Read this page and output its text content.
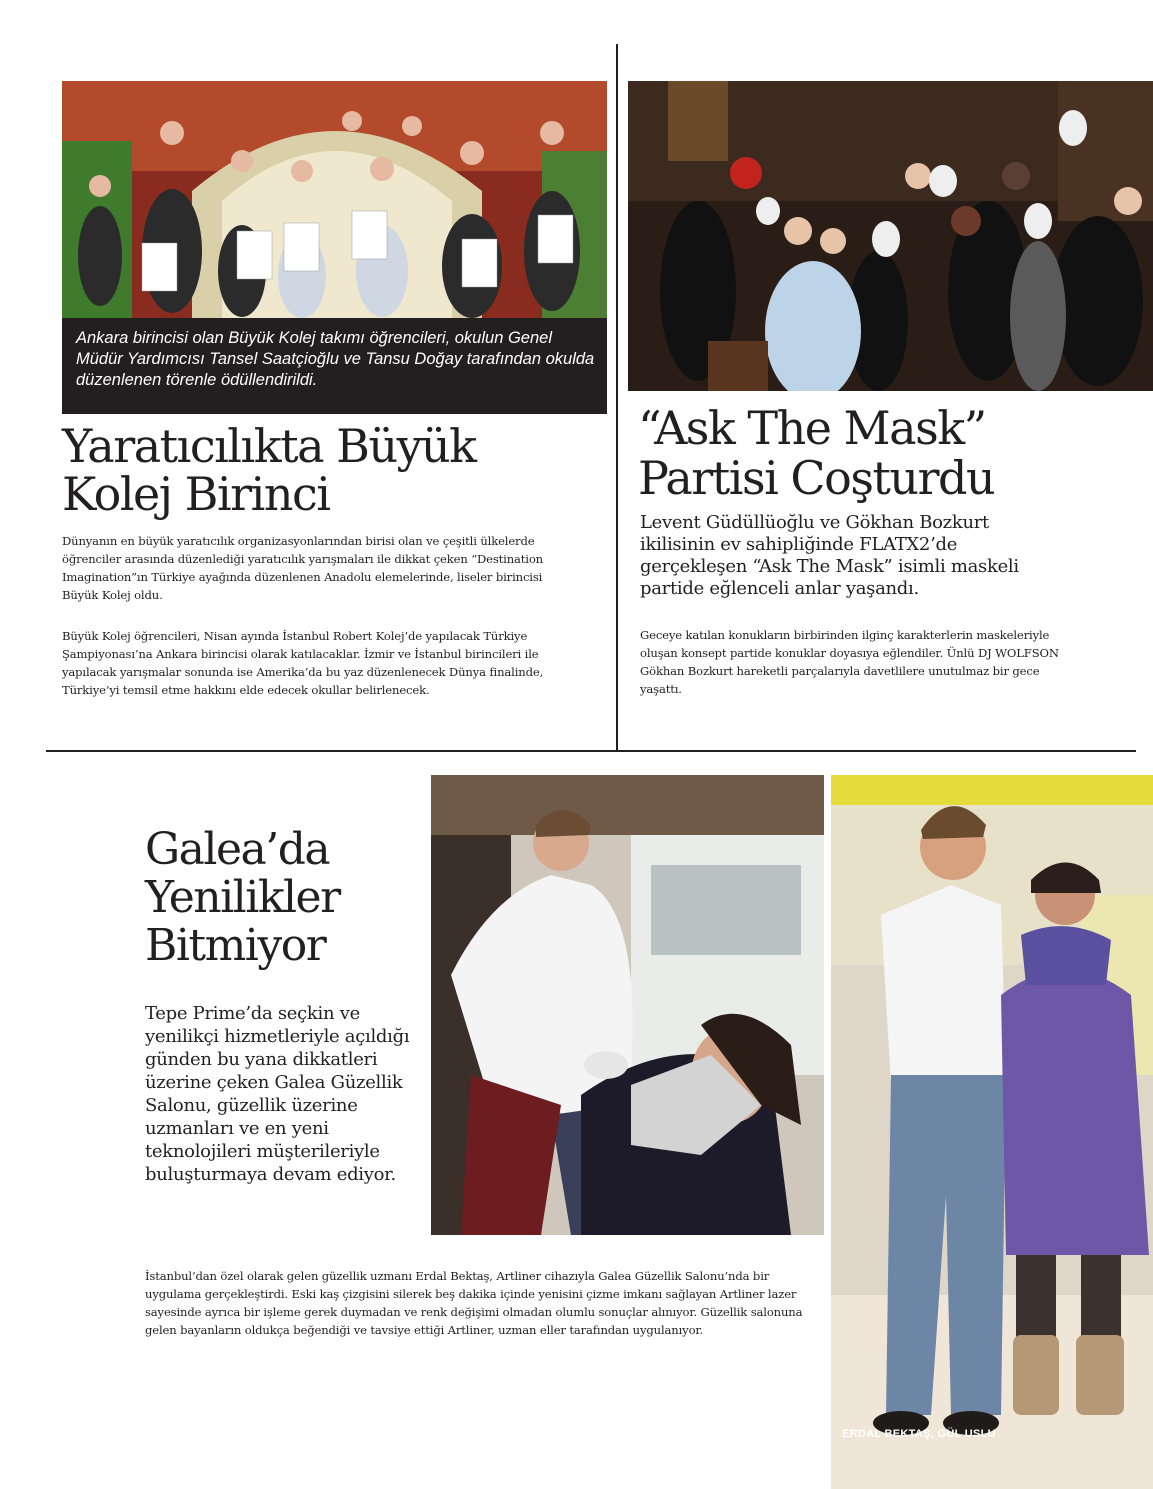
Ankara birincisi olan Büyük Kolej takımı öğrencileri, okulun Genel Müdür Yardımcısı Tansel Saatçioğlu ve Tansu Doğay tarafından okulda düzenlenen törenle ödüllendirildi.
Yaratıcılıkta Büyük
Kolej Birinci

Dünyanın en büyük yaratıcılık organizasyonlarından birisi olan ve çeşitli ülkelerde öğrenciler arasında düzenlediği yaratıcılık yarışmaları ile dikkat çeken “Destination Imagination”ın Türkiye ayağında düzenlenen Anadolu elemelerinde, liseler birincisi Büyük Kolej oldu.

Büyük Kolej öğrencileri, Nisan ayında İstanbul Robert Kolej’de yapılacak Türkiye Şampiyonası’na Ankara birincisi olarak katılacaklar. İzmir ve İstanbul birincileri ile yapılacak yarışmalar sonunda ise Amerika’da bu yaz düzenlenecek Dünya finalinde, Türkiye’yi temsil etme hakkını elde edecek okullar belirlenecek.

“Ask The Mask”
Partisi Coşturdu

Levent Güdüllüoğlu ve Gökhan Bozkurt ikilisinin ev sahipliğinde FLATX2’de gerçekleşen “Ask The Mask” isimli maskeli partide eğlenceli anlar yaşandı.

Geceye katılan konukların birbirinden ilginç karakterlerin maskeleriyle oluşan konsept partide konuklar doyasıya eğlendiler. Ünlü DJ WOLFSON Gökhan Bozkurt hareketli parçalarıyla davetlilere unutulmaz bir gece yaşattı.

ERDAL BEKTAŞ, GÜL USLU
Galea’da
Yenilikler
Bitmiyor

Tepe Prime’da seçkin ve yenilikçi hizmetleriyle açıldığı günden bu yana dikkatleri üzerine çeken Galea Güzellik Salonu, güzellik üzerine uzmanları ve en yeni teknolojileri müşterileriyle buluşturmaya devam ediyor.

İstanbul’dan özel olarak gelen güzellik uzmanı Erdal Bektaş, Artliner cihazıyla Galea Güzellik Salonu’nda bir uygulama gerçekleştirdi. Eski kaş çizgisini silerek beş dakika içinde yenisini çizme imkanı sağlayan Artliner lazer sayesinde ayrıca bir işleme gerek duymadan ve renk değişimi olmadan olumlu sonuçlar alınıyor. Güzellik salonuna gelen bayanların oldukça beğendiği ve tavsiye ettiği Artliner, uzman eller tarafından uygulanıyor.
